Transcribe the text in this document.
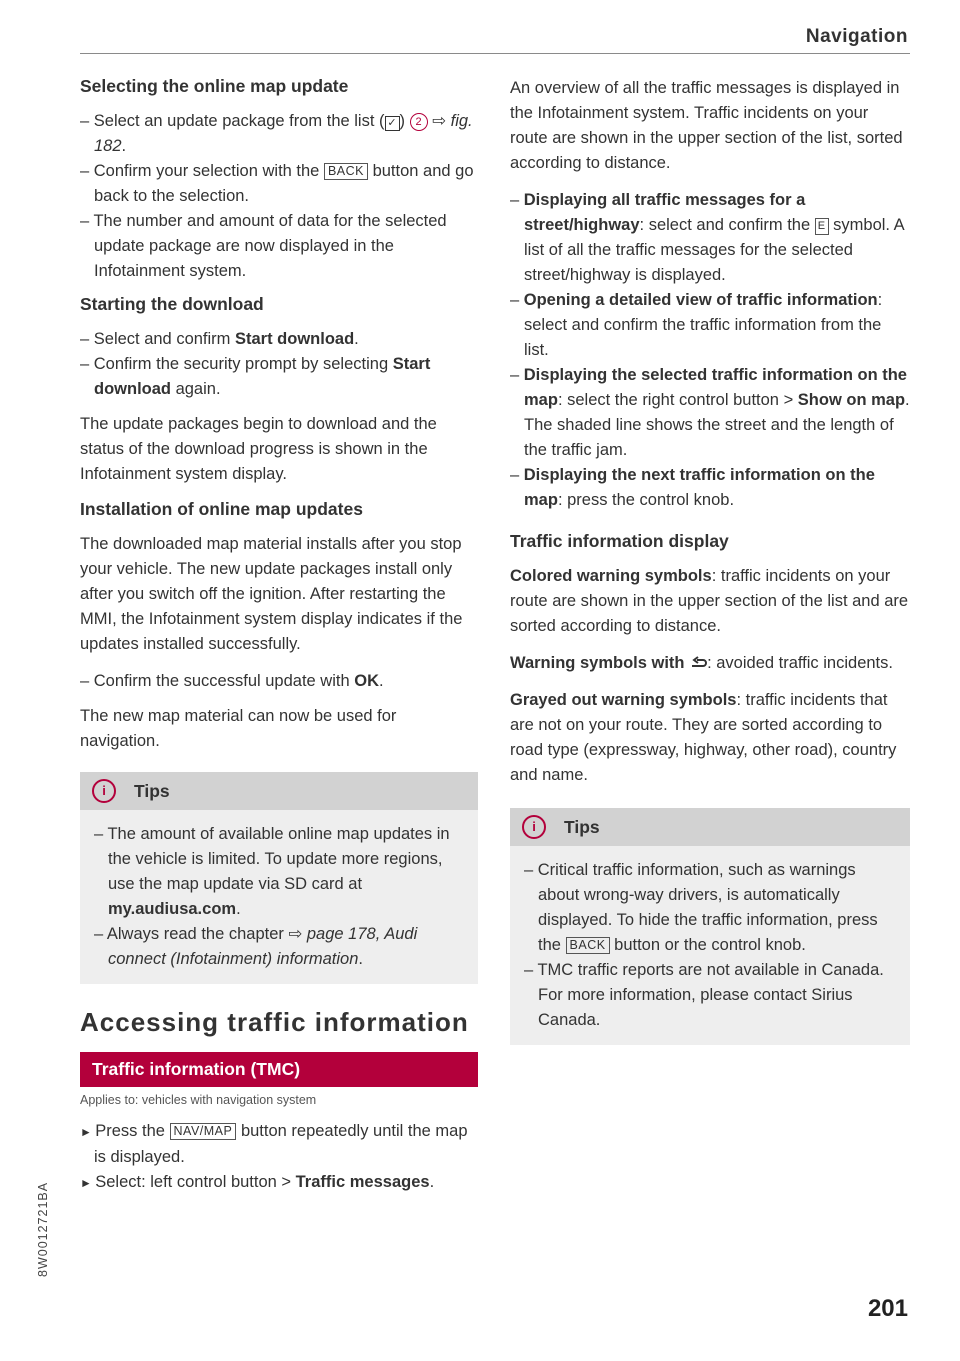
Navigation
Selecting the online map update
– Select an update package from the list ( ✓ ) 2 ⇨ fig. 182.
– Confirm your selection with the BACK button and go back to the selection.
– The number and amount of data for the selected update package are now displayed in the Infotainment system.
Starting the download
– Select and confirm Start download.
– Confirm the security prompt by selecting Start download again.

The update packages begin to download and the status of the download progress is shown in the Infotainment system display.

Installation of online map updates

The downloaded map material installs after you stop your vehicle. The new update packages install only after you switch off the ignition. After restarting the MMI, the Infotainment system display indicates if the updates installed successfully.

– Confirm the successful update with OK.

The new map material can now be used for navigation.

i	Tips
– The amount of available online map updates in the vehicle is limited. To update more regions, use the map update via SD card at my.audiusa.com.
– Always read the chapter ⇨ page 178, Audi connect (Infotainment) information.
Accessing traffic information
Traffic information (TMC)
Applies to: vehicles with navigation system
► Press the NAV/MAP button repeatedly until the map is displayed.
► Select: left control button > Traffic messages.

An overview of all the traffic messages is displayed in the Infotainment system. Traffic incidents on your route are shown in the upper section of the list, sorted according to distance.

– Displaying all traffic messages for a street/highway: select and confirm the E symbol. A list of all the traffic messages for the selected street/highway is displayed.
– Opening a detailed view of traffic information: select and confirm the traffic information from the list.
– Displaying the selected traffic information on the map: select the right control button > Show on map. The shaded line shows the street and the length of the traffic jam.
– Displaying the next traffic information on the map: press the control knob.
Traffic information display

Colored warning symbols: traffic incidents on your route are shown in the upper section of the list and are sorted according to distance.

Warning symbols with : avoided traffic incidents.

Grayed out warning symbols: traffic incidents that are not on your route. They are sorted according to road type (expressway, highway, other road), country and name.

i	Tips
– Critical traffic information, such as warnings about wrong-way drivers, is automatically displayed. To hide the traffic information, press the BACK button or the control knob.
– TMC traffic reports are not available in Canada. For more information, please contact Sirius Canada.
8W0012721BA
201
